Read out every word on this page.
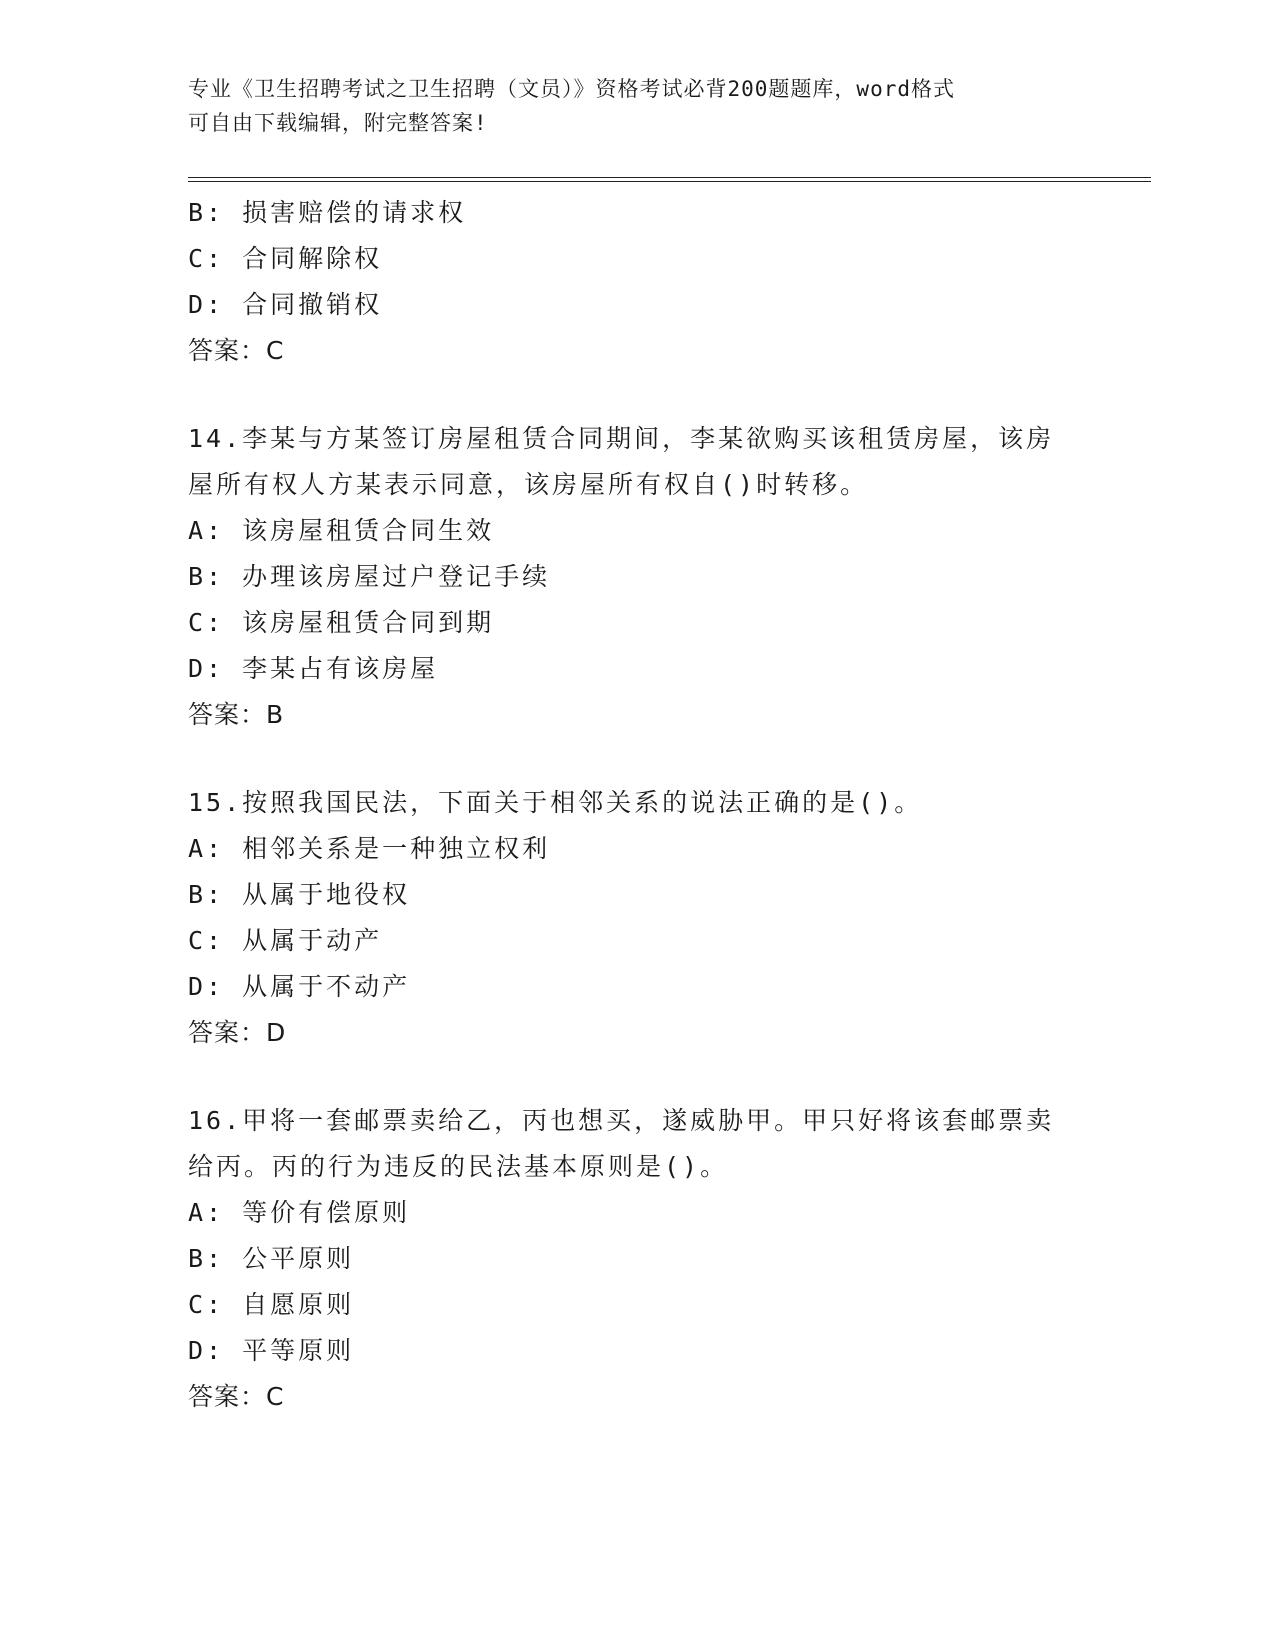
专业《卫生招聘考试之卫生招聘（文员）》资格考试必背200题题库，word格式
可自由下载编辑，附完整答案!
B: 损害赔偿的请求权
C: 合同解除权
D: 合同撤销权
答案：C
14.李某与方某签订房屋租赁合同期间，李某欲购买该租赁房屋，该房
屋所有权人方某表示同意，该房屋所有权自()时转移。
A: 该房屋租赁合同生效
B: 办理该房屋过户登记手续
C: 该房屋租赁合同到期
D: 李某占有该房屋
答案：B
15.按照我国民法，下面关于相邻关系的说法正确的是()。
A: 相邻关系是一种独立权利
B: 从属于地役权
C: 从属于动产
D: 从属于不动产
答案：D
16.甲将一套邮票卖给乙，丙也想买，遂威胁甲。甲只好将该套邮票卖
给丙。丙的行为违反的民法基本原则是()。
A: 等价有偿原则
B: 公平原则
C: 自愿原则
D: 平等原则
答案：C
